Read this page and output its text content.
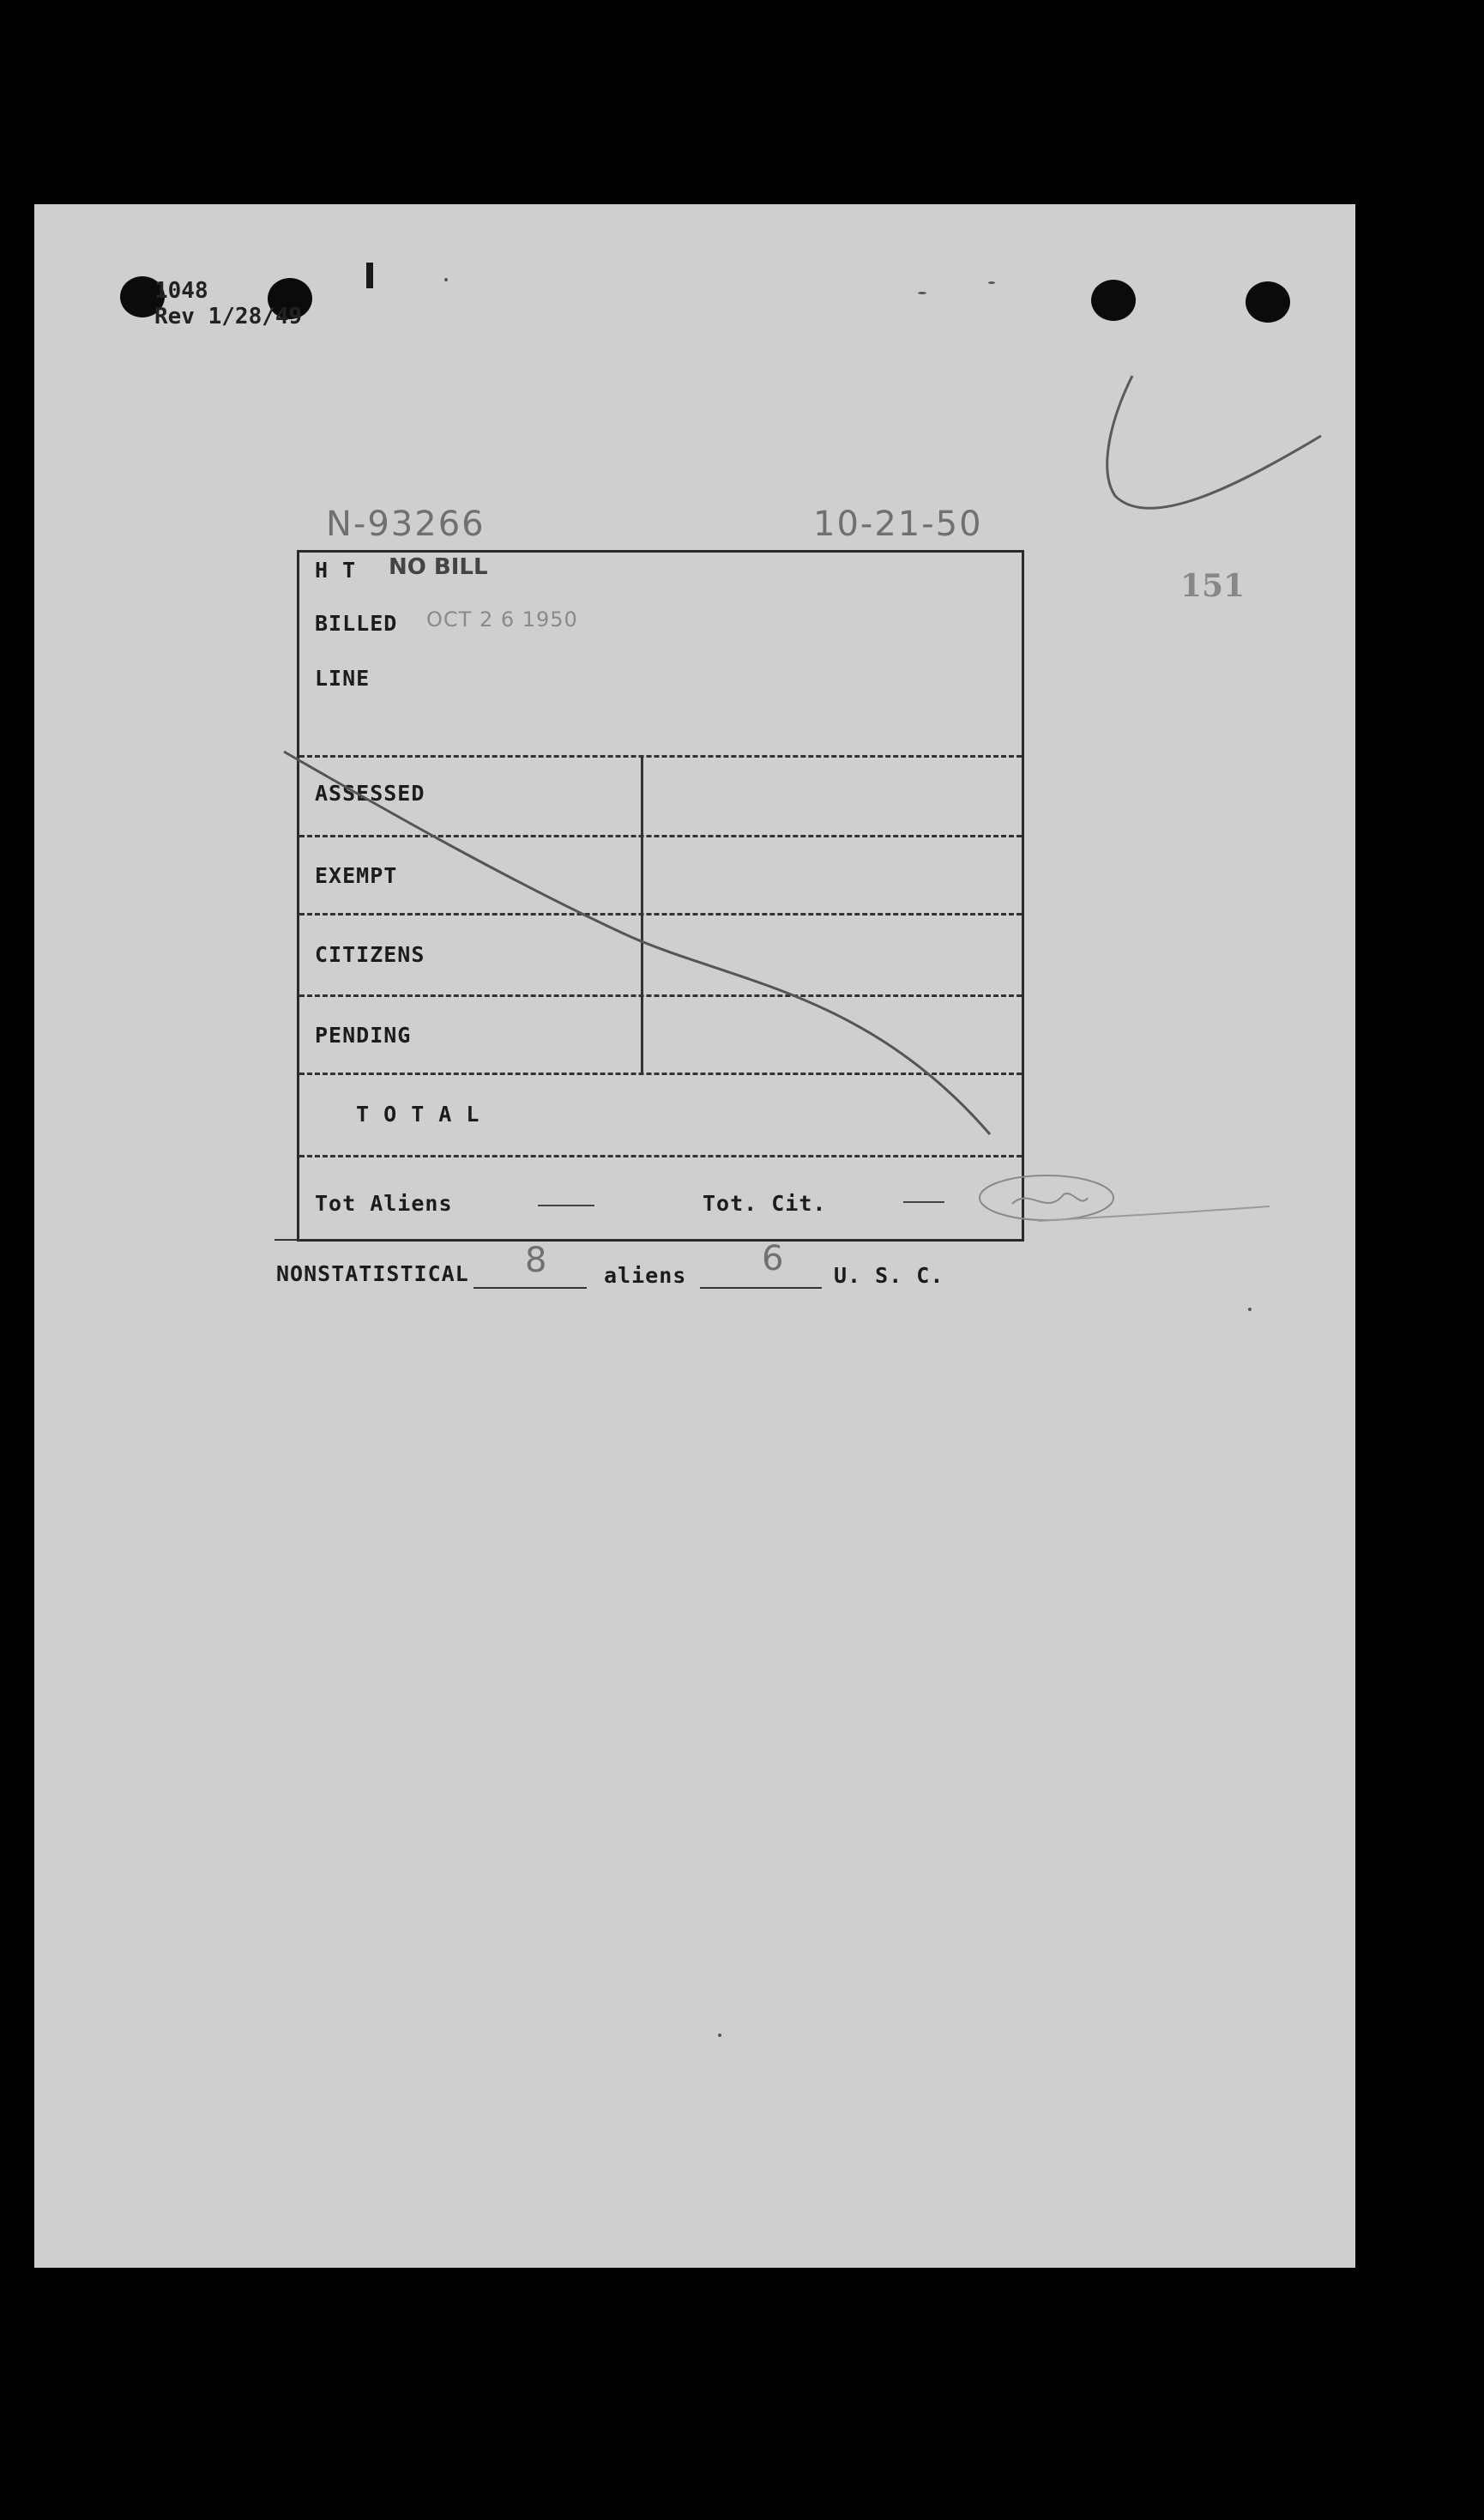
1048
Rev 1/28/49
N-93266	10-21-50
151
H T NO BILL
BILLED OCT 2 6 1950
LINE
ASSESSED
EXEMPT
CITIZENS
PENDING
T O T A L
Tot Aliens	Tot. Cit.
NONSTATISTICAL 8	aliens 6 U. S. C.
